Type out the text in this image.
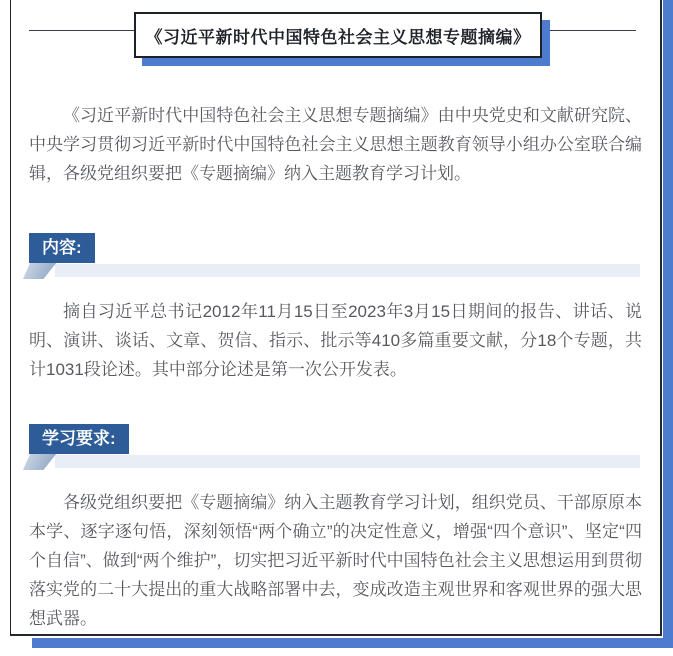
《习近平新时代中国特色社会主义思想专题摘编》

《习近平新时代中国特色社会主义思想专题摘编》由中央党史和文献研究院、中央学习贯彻习近平新时代中国特色社会主义思想主题教育领导小组办公室联合编辑，各级党组织要把《专题摘编》纳入主题教育学习计划。

内容:

摘自习近平总书记2012年11月15日至2023年3月15日期间的报告、讲话、说明、演讲、谈话、文章、贺信、指示、批示等410多篇重要文献，分18个专题，共计1031段论述。其中部分论述是第一次公开发表。

学习要求:

各级党组织要把《专题摘编》纳入主题教育学习计划，组织党员、干部原原本本学、逐字逐句悟，深刻领悟“两个确立”的决定性意义，增强“四个意识”、坚定“四个自信”、做到“两个维护”，切实把习近平新时代中国特色社会主义思想运用到贯彻落实党的二十大提出的重大战略部署中去，变成改造主观世界和客观世界的强大思想武器。
